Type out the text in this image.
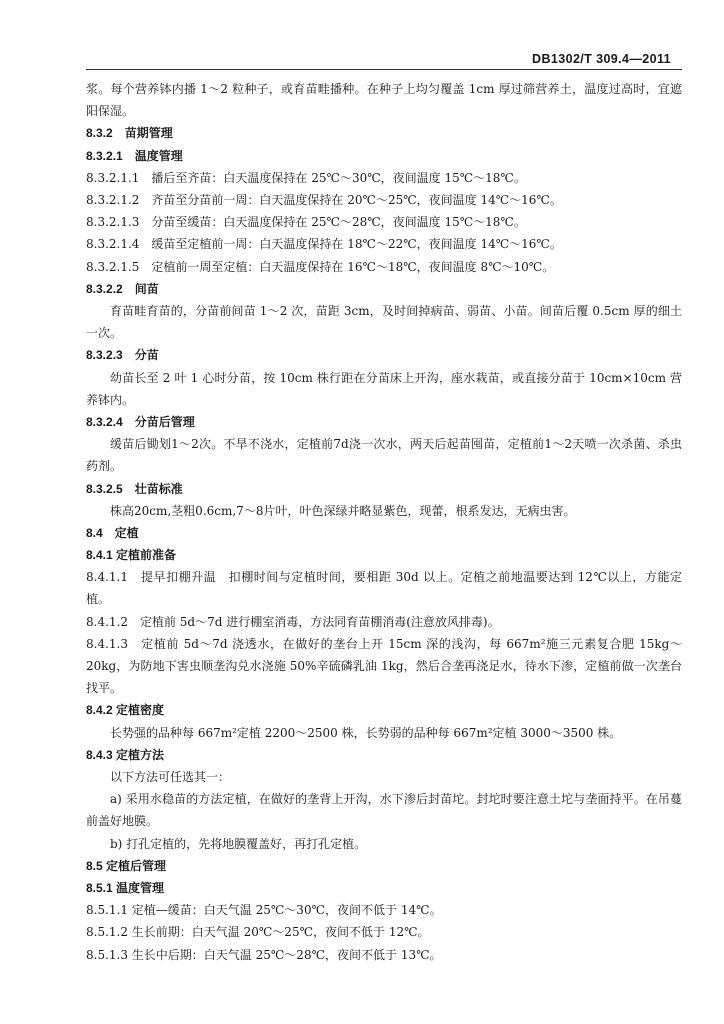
DB1302/T 309.4—2011

浆。每个营养钵内播 1～2 粒种子，或育苗畦播种。在种子上均匀覆盖 1cm 厚过筛营养土，温度过高时，宜遮阳保湿。

8.3.2　苗期管理
8.3.2.1　温度管理
8.3.2.1.1　播后至齐苗：白天温度保持在 25℃～30℃，夜间温度 15℃～18℃。
8.3.2.1.2　齐苗至分苗前一周：白天温度保持在 20℃～25℃，夜间温度 14℃～16℃。
8.3.2.1.3　分苗至缓苗：白天温度保持在 25℃～28℃，夜间温度 15℃～18℃。
8.3.2.1.4　缓苗至定植前一周：白天温度保持在 18℃～22℃，夜间温度 14℃～16℃。
8.3.2.1.5　定植前一周至定植：白天温度保持在 16℃～18℃，夜间温度 8℃～10℃。
8.3.2.2　间苗

育苗畦育苗的，分苗前间苗 1～2 次，苗距 3cm，及时间掉病苗、弱苗、小苗。间苗后覆 0.5cm 厚的细土一次。

8.3.2.3　分苗

幼苗长至 2 叶 1 心时分苗，按 10cm 株行距在分苗床上开沟，座水栽苗，或直接分苗于 10cm×10cm 营养钵内。

8.3.2.4　分苗后管理

缓苗后锄划1～2次。不旱不浇水，定植前7d浇一次水，两天后起苗囤苗，定植前1～2天喷一次杀菌、杀虫药剂。

8.3.2.5　壮苗标准

株高20cm,茎粗0.6cm,7～8片叶，叶色深绿并略显紫色，现蕾，根系发达，无病虫害。

8.4　定植
8.4.1 定植前准备

8.4.1.1　提早扣棚升温　扣棚时间与定植时间，要相距 30d 以上。定植之前地温要达到 12℃以上，方能定植。

8.4.1.2　定植前 5d～7d 进行棚室消毒，方法同育苗棚消毒(注意放风排毒)。

8.4.1.3　定植前 5d～7d 浇透水，在做好的垄台上开 15cm 深的浅沟，每 667m²施三元素复合肥 15kg～20kg，为防地下害虫顺垄沟兑水浇施 50%辛硫磷乳油 1kg，然后合垄再浇足水，待水下渗，定植前做一次垄台找平。

8.4.2 定植密度

长势强的品种每 667m²定植 2200～2500 株，长势弱的品种每 667m²定植 3000～3500 株。

8.4.3 定植方法

以下方法可任选其一：

a) 采用水稳苗的方法定植，在做好的垄背上开沟，水下渗后封苗坨。封坨时要注意土坨与垄面持平。在吊蔓前盖好地膜。

b) 打孔定植的，先将地膜覆盖好，再打孔定植。

8.5 定植后管理
8.5.1 温度管理
8.5.1.1 定植—缓苗：白天气温 25℃～30℃，夜间不低于 14℃。
8.5.1.2 生长前期：白天气温 20℃～25℃，夜间不低于 12℃。
8.5.1.3 生长中后期：白天气温 25℃～28℃，夜间不低于 13℃。
